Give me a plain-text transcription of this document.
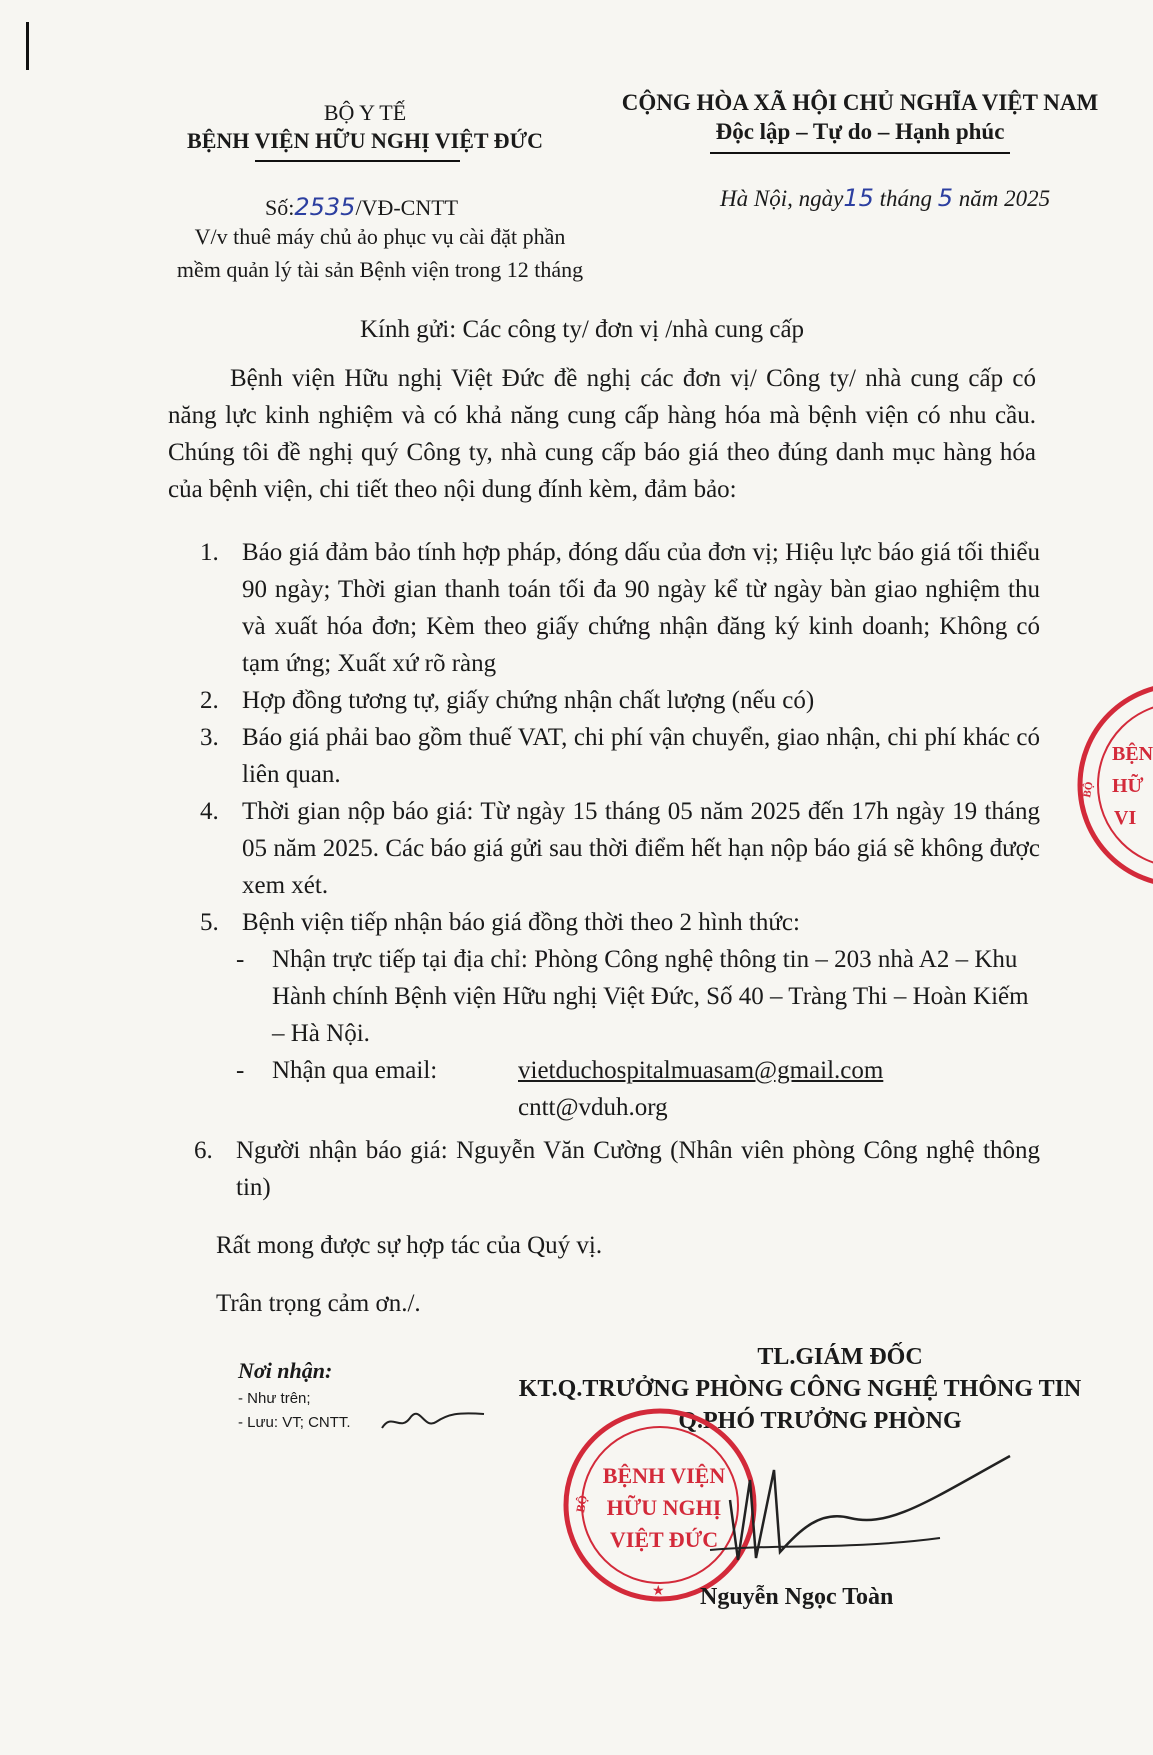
BỘ Y TẾ
BỆNH VIỆN HỮU NGHỊ VIỆT ĐỨC
CỘNG HÒA XÃ HỘI CHỦ NGHĨA VIỆT NAM
Độc lập – Tự do – Hạnh phúc
Số:2535/VĐ-CNTT	Hà Nội, ngày15 tháng 5 năm 2025
V/v thuê máy chủ ảo phục vụ cài đặt phần
mềm quản lý tài sản Bệnh viện trong 12 tháng
Kính gửi: Các công ty/ đơn vị /nhà cung cấp

Bệnh viện Hữu nghị Việt Đức đề nghị các đơn vị/ Công ty/ nhà cung cấp có năng lực kinh nghiệm và có khả năng cung cấp hàng hóa mà bệnh viện có nhu cầu. Chúng tôi đề nghị quý Công ty, nhà cung cấp báo giá theo đúng danh mục hàng hóa của bệnh viện, chi tiết theo nội dung đính kèm, đảm bảo:

1. Báo giá đảm bảo tính hợp pháp, đóng dấu của đơn vị; Hiệu lực báo giá tối thiểu 90 ngày; Thời gian thanh toán tối đa 90 ngày kể từ ngày bàn giao nghiệm thu và xuất hóa đơn; Kèm theo giấy chứng nhận đăng ký kinh doanh; Không có tạm ứng; Xuất xứ rõ ràng
2. Hợp đồng tương tự, giấy chứng nhận chất lượng (nếu có)
3. Báo giá phải bao gồm thuế VAT, chi phí vận chuyển, giao nhận, chi phí khác có liên quan.
4. Thời gian nộp báo giá: Từ ngày 15 tháng 05 năm 2025 đến 17h ngày 19 tháng 05 năm 2025. Các báo giá gửi sau thời điểm hết hạn nộp báo giá sẽ không được xem xét.
5. Bệnh viện tiếp nhận báo giá đồng thời theo 2 hình thức:
- Nhận trực tiếp tại địa chỉ: Phòng Công nghệ thông tin – 203 nhà A2 – Khu Hành chính Bệnh viện Hữu nghị Việt Đức, Số 40 – Tràng Thi – Hoàn Kiếm – Hà Nội.
- Nhận qua email:	vietduchospitalmuasam@gmail.com
cntt@vduh.org
6. Người nhận báo giá: Nguyễn Văn Cường (Nhân viên phòng Công nghệ thông tin)
Rất mong được sự hợp tác của Quý vị.
Trân trọng cảm ơn./.
Nơi nhận:
- Như trên;
- Lưu: VT; CNTT.
TL.GIÁM ĐỐC
KT.Q.TRƯỞNG PHÒNG CÔNG NGHỆ THÔNG TIN
Q.PHÓ TRƯỞNG PHÒNG
BỆNH VIỆN
HỮU NGHỊ
VIỆT ĐỨC
BỘ
★ Nguyễn Ngọc Toàn
BỆN
HỮ
VI
BỘ
